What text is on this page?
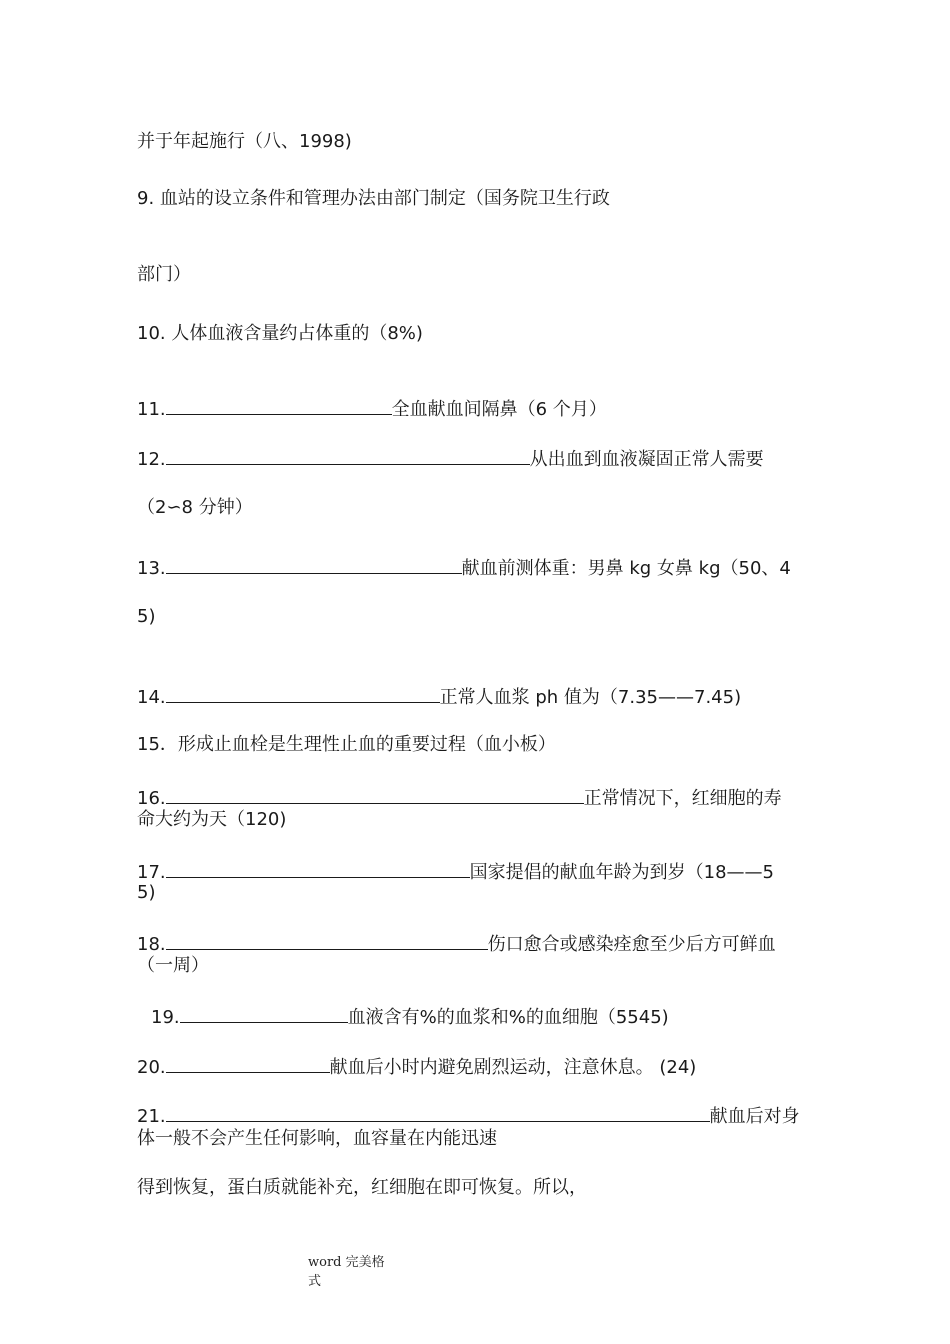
并于年起施行（八、1998)
9. 血站的设立条件和管理办法由部门制定（国务院卫生行政
部门）
10. 人体血液含量约占体重的（8%)
11.	全血献血间隔鼻（6 个月）
12.	从出血到血液凝固正常人需要
（2∽8 分钟）
13.	献血前测体重：男鼻 kg 女鼻 kg（50、4
5)
14.	正常人血浆 ph 值为（7.35——7.45)
15．形成止血栓是生理性止血的重要过程（血小板）
16.	正常情况下，红细胞的寿
命大约为天（120)
17.	国家提倡的献血年龄为到岁（18——5
5)
18.	伤口愈合或感染痊愈至少后方可鲜血
（一周）
19.	血液含有%的血浆和%的血细胞（5545)
20.	献血后小时内避免剧烈运动，注意休息。 (24)
21.	献血后对身
体一般不会产生任何影响，血容量在内能迅速
得到恢复，蛋白质就能补充，红细胞在即可恢复。所以，
word 完美格
式
